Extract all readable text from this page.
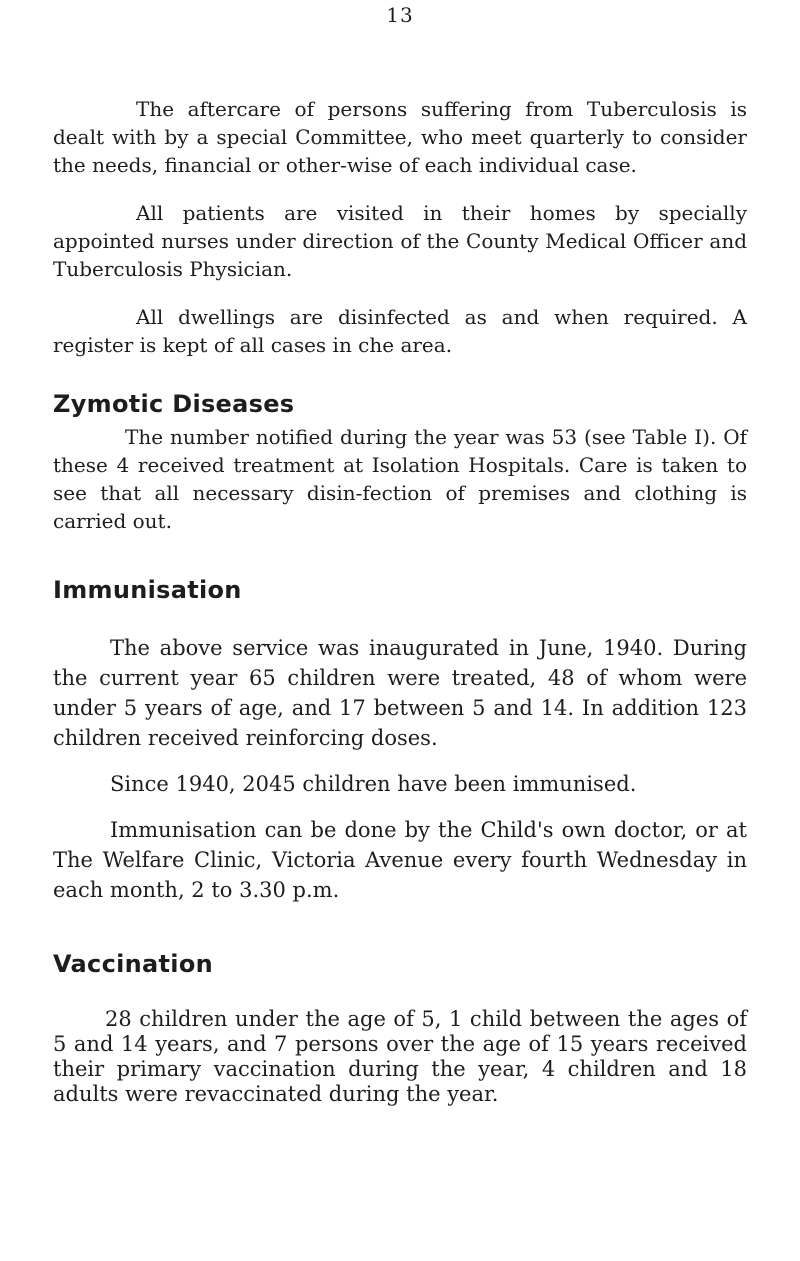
13

The aftercare of persons suffering from Tuberculosis is dealt with by a special Committee, who meet quarterly to consider the needs, financial or other-wise of each individual case.

All patients are visited in their homes by specially appointed nurses under direction of the County Medical Officer and Tuberculosis Physician.

All dwellings are disinfected as and when required. A register is kept of all cases in che area.

Zymotic Diseases

The number notified during the year was 53 (see Table I). Of these 4 received treatment at Isolation Hospitals. Care is taken to see that all necessary disin-fection of premises and clothing is carried out.

Immunisation

The above service was inaugurated in June, 1940. During the current year 65 children were treated, 48 of whom were under 5 years of age, and 17 between 5 and 14. In addition 123 children received reinforcing doses.

Since 1940, 2045 children have been immunised.

Immunisation can be done by the Child's own doctor, or at The Welfare Clinic, Victoria Avenue every fourth Wednesday in each month, 2 to 3.30 p.m.

Vaccination

28 children under the age of 5, 1 child between the ages of 5 and 14 years, and 7 persons over the age of 15 years received their primary vaccination during the year, 4 children and 18 adults were revaccinated during the year.
